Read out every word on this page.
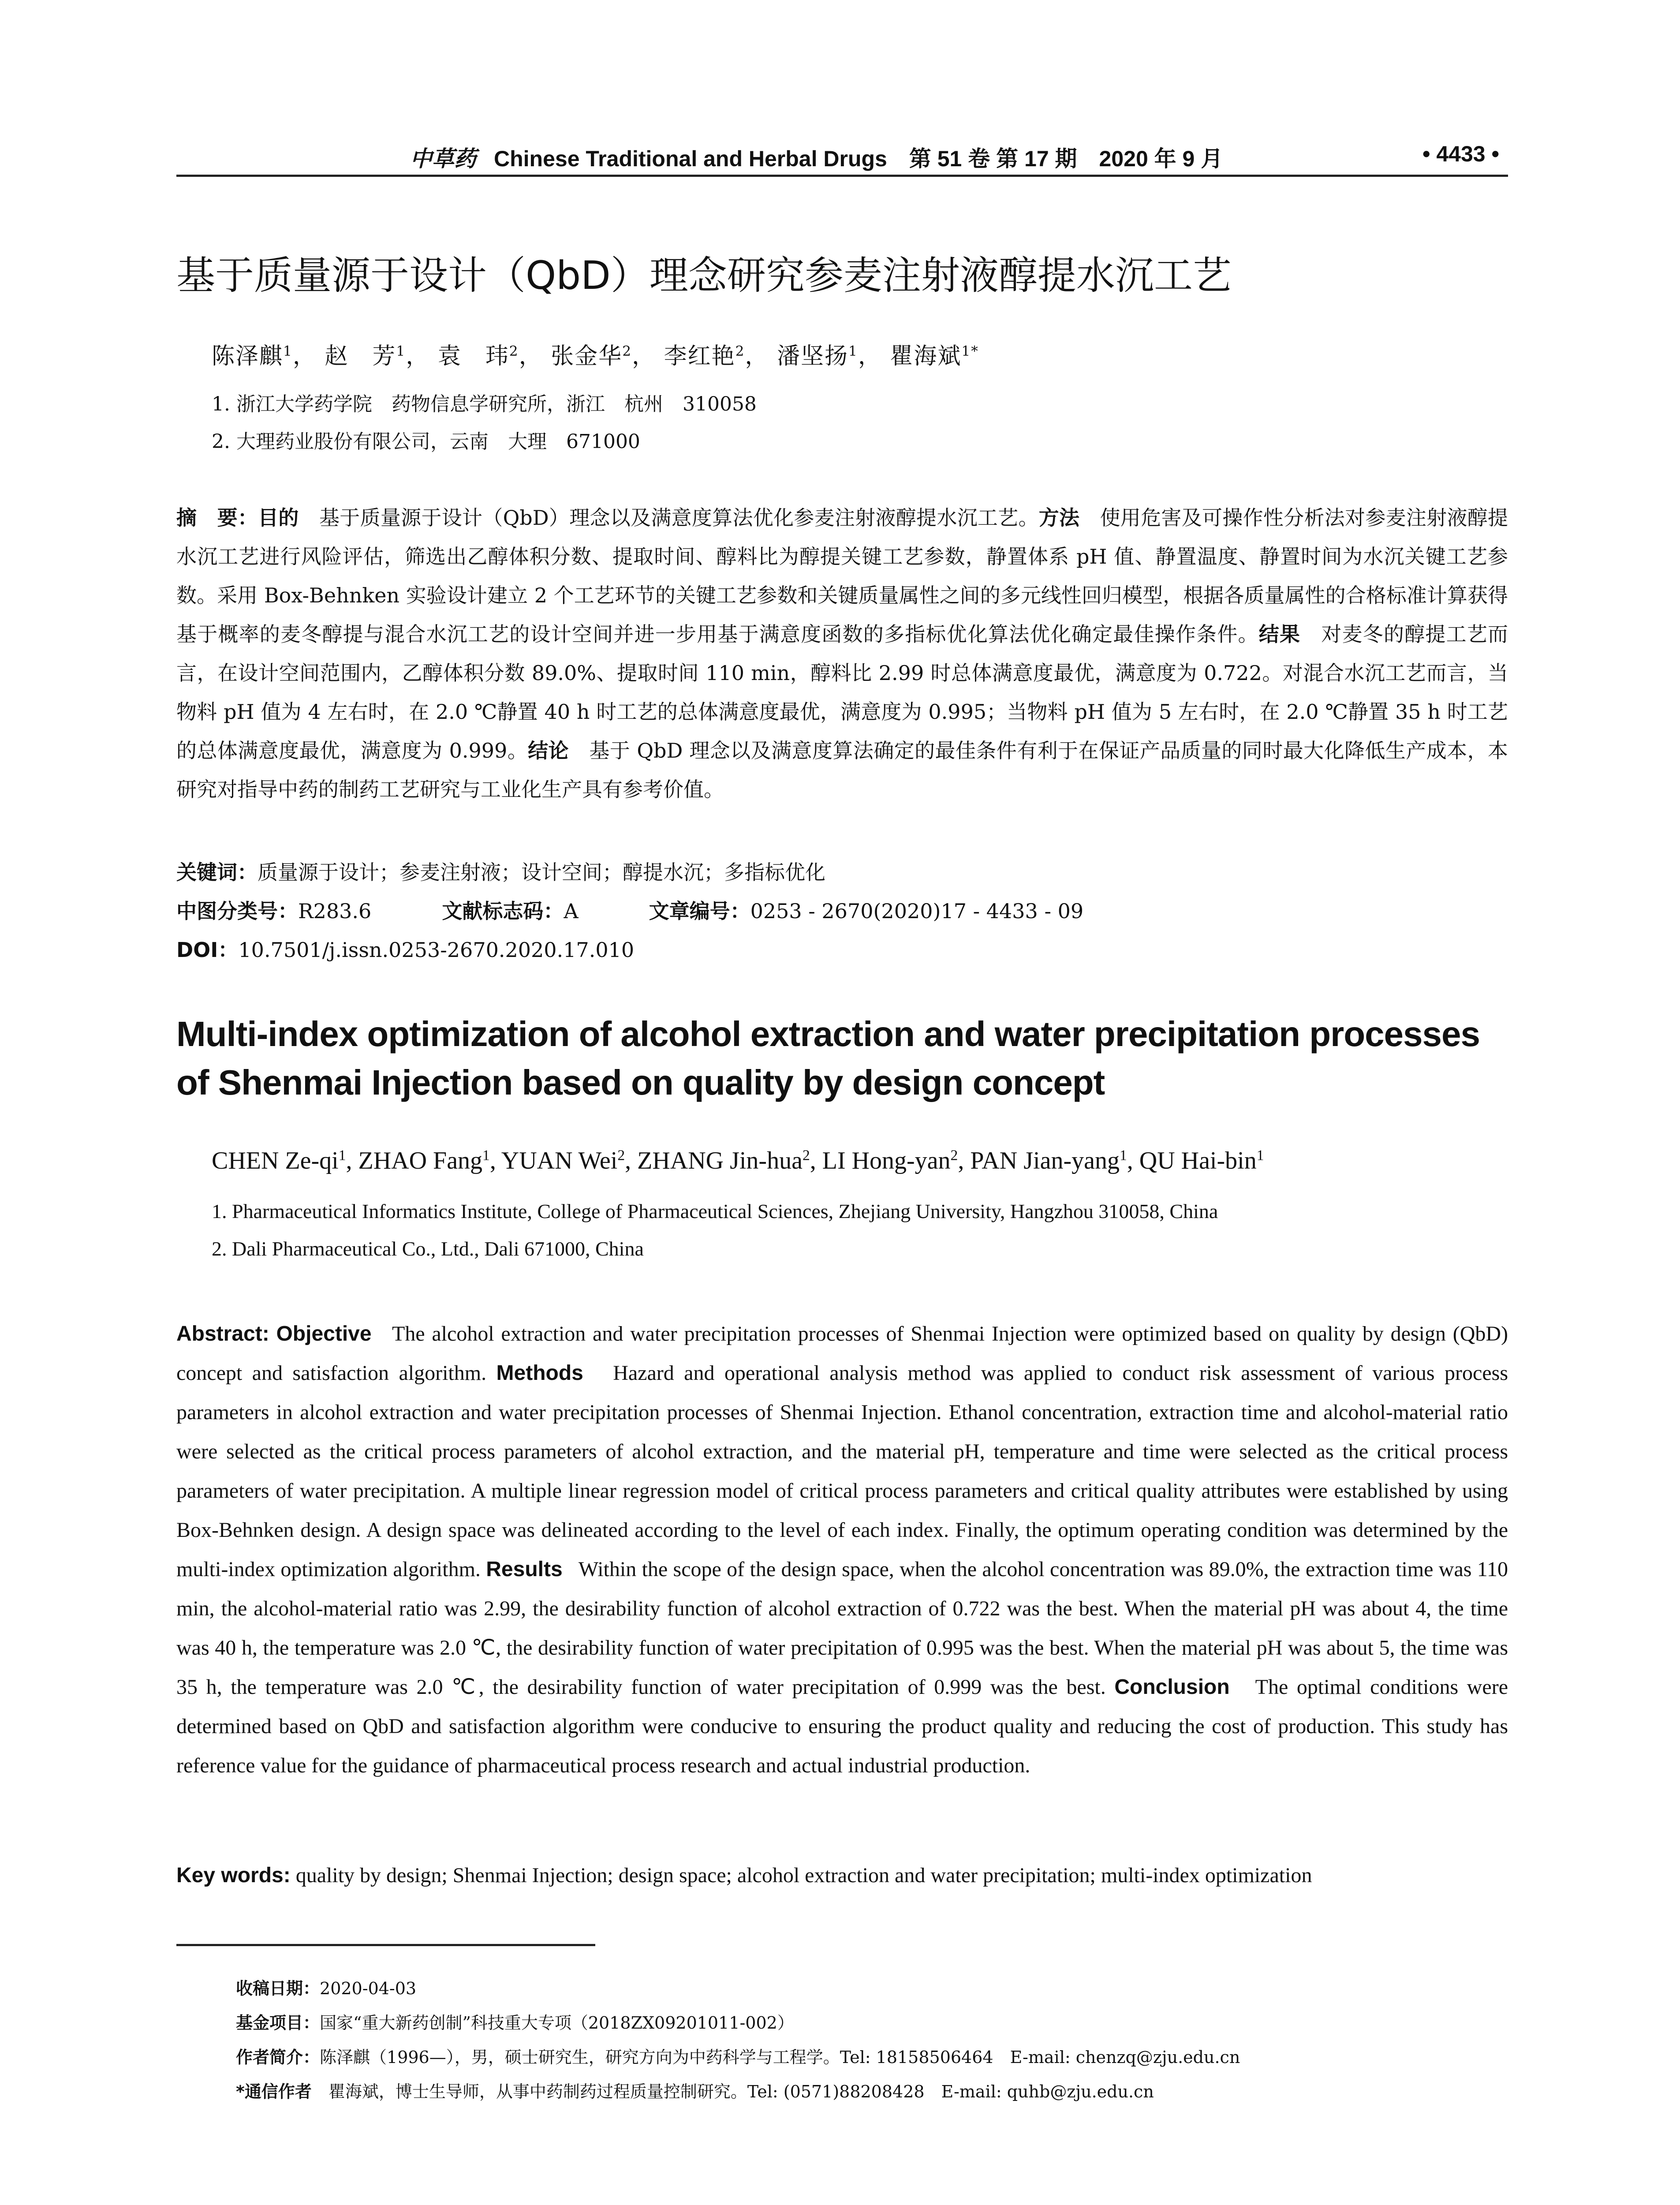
中草药 Chinese Traditional and Herbal Drugs　第 51 卷 第 17 期　2020 年 9 月	• 4433 •
基于质量源于设计（QbD）理念研究参麦注射液醇提水沉工艺
陈泽麒$^1$， 赵　芳$^1$， 袁　玮$^2$， 张金华$^2$， 李红艳$^2$， 潘坚扬$^1$， 瞿海斌$^{1*}$
1. 浙江大学药学院　药物信息学研究所，浙江　杭州　310058
2. 大理药业股份有限公司，云南　大理　671000
摘　要：目的　 基于质量源于设计（QbD）理念以及满意度算法优化参麦注射液醇提水沉工艺。方法　 使用危害及可操作性分析法对参麦注射液醇提水沉工艺进行风险评估，筛选出乙醇体积分数、提取时间、醇料比为醇提关键工艺参数，静置体系 pH 值、静置温度、静置时间为水沉关键工艺参数。采用 Box-Behnken 实验设计建立 2 个工艺环节的关键工艺参数和关键质量属性之间的多元线性回归模型，根据各质量属性的合格标准计算获得基于概率的麦冬醇提与混合水沉工艺的设计空间并进一步用基于满意度函数的多指标优化算法优化确定最佳操作条件。结果　 对麦冬的醇提工艺而言，在设计空间范围内，乙醇体积分数 89.0%、提取时间 110 min，醇料比 2.99 时总体满意度最优，满意度为 0.722。对混合水沉工艺而言，当物料 pH 值为 4 左右时，在 2.0 ℃静置 40 h 时工艺的总体满意度最优，满意度为 0.995；当物料 pH 值为 5 左右时，在 2.0 ℃静置 35 h 时工艺的总体满意度最优，满意度为 0.999。结论　 基于 QbD 理念以及满意度算法确定的最佳条件有利于在保证产品质量的同时最大化降低生产成本，本研究对指导中药的制药工艺研究与工业化生产具有参考价值。
关键词：质量源于设计；参麦注射液；设计空间；醇提水沉；多指标优化
中图分类号：R283.6	文献标志码：A	文章编号：0253 - 2670(2020)17 - 4433 - 09
DOI：10.7501/j.issn.0253-2670.2020.17.010
Multi-index optimization of alcohol extraction and water precipitation processes of Shenmai Injection based on quality by design concept
CHEN $Ze-qi^1$, ZHAO Fang$^1$, YUAN Wei$^2$, ZHANG Jin-hua$^2$, LI Hong-yan$^2$, PAN Jian-yang$^1$, QU Hai-bin$^1$
1. Pharmaceutical Informatics Institute, College of Pharmaceutical Sciences, Zhejiang University, Hangzhou 310058, China
2. Dali Pharmaceutical Co., Ltd., Dali 671000, China
Abstract: Objective The alcohol extraction and water precipitation processes of Shenmai Injection were optimized based on quality by design (QbD) concept and satisfaction algorithm. Methods Hazard and operational analysis method was applied to conduct risk assessment of various process parameters in alcohol extraction and water precipitation processes of Shenmai Injection. Ethanol concentration, extraction time and alcohol-material ratio were selected as the critical process parameters of alcohol extraction, and the material pH, temperature and time were selected as the critical process parameters of water precipitation. A multiple linear regression model of critical process parameters and critical quality attributes were established by using Box-Behnken design. A design space was delineated according to the level of each index. Finally, the optimum operating condition was determined by the multi-index optimization algorithm. Results Within the scope of the design space, when the alcohol concentration was 89.0%, the extraction time was 110 min, the alcohol-material ratio was 2.99, the desirability function of alcohol extraction of 0.722 was the best. When the material pH was about 4, the time was 40 h, the temperature was 2.0 ℃, the desirability function of water precipitation of 0.995 was the best. When the material pH was about 5, the time was 35 h, the temperature was 2.0 ℃, the desirability function of water precipitation of 0.999 was the best. Conclusion The optimal conditions were determined based on QbD and satisfaction algorithm were conducive to ensuring the product quality and reducing the cost of production. This study has reference value for the guidance of pharmaceutical process research and actual industrial production.
Key words: quality by design; Shenmai Injection; design space; alcohol extraction and water precipitation; multi-index optimization
收稿日期：2020-04-03
基金项目：国家“重大新药创制”科技重大专项（2018ZX09201011-002）
作者简介：陈泽麒（1996—），男，硕士研究生，研究方向为中药科学与工程学。Tel: 18158506464　E-mail: chenzq@zju.edu.cn
*通信作者　瞿海斌，博士生导师，从事中药制药过程质量控制研究。Tel: (0571)88208428　E-mail: quhb@zju.edu.cn
